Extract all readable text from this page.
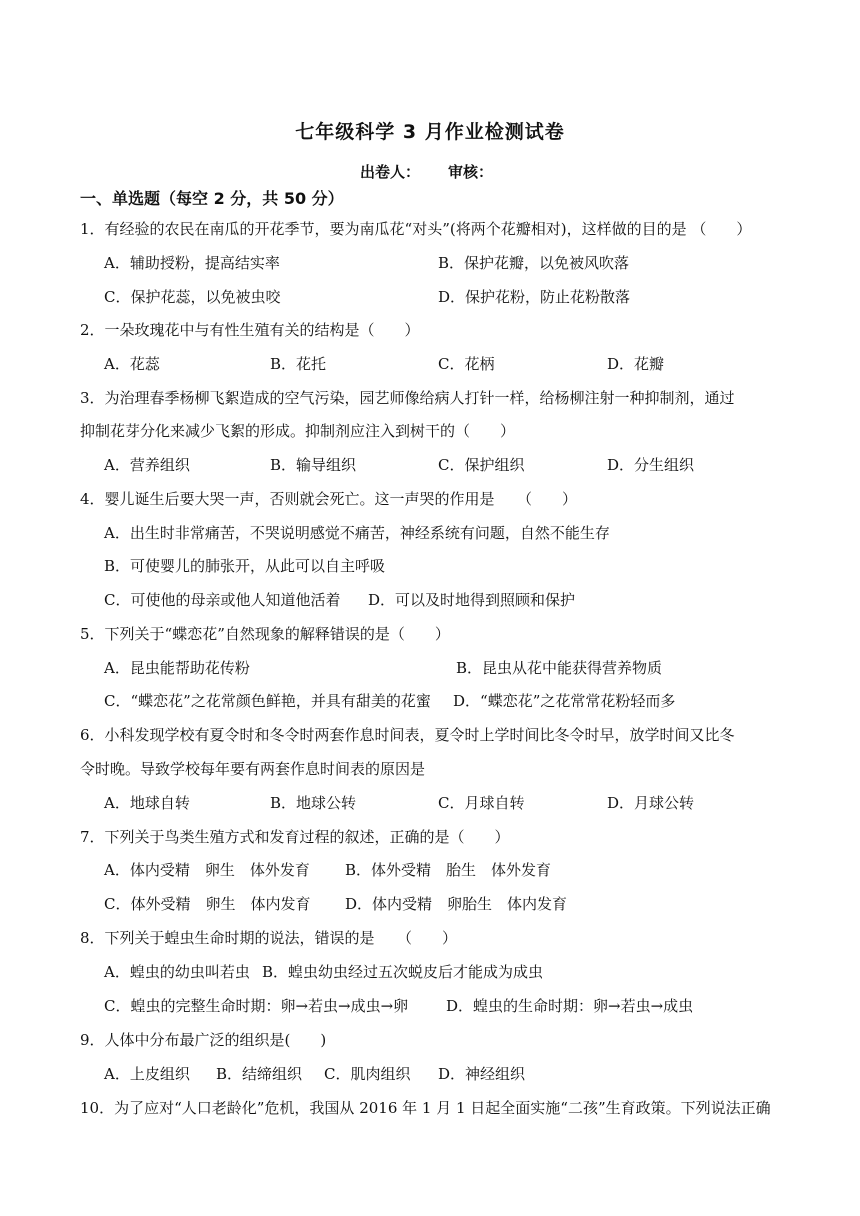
七年级科学 3 月作业检测试卷
出卷人： 审核：
一、单选题（每空 2 分，共 50 分）
1．有经验的农民在南瓜的开花季节，要为南瓜花“对头”(将两个花瓣相对)，这样做的目的是 （　　）
A．辅助授粉，提高结实率	B．保护花瓣，以免被风吹落
C．保护花蕊，以免被虫咬	D．保护花粉，防止花粉散落
2．一朵玫瑰花中与有性生殖有关的结构是（　　）
A．花蕊	B．花托	C．花柄	D．花瓣
3．为治理春季杨柳飞絮造成的空气污染，园艺师像给病人打针一样，给杨柳注射一种抑制剂，通过
抑制花芽分化来减少飞絮的形成。抑制剂应注入到树干的（　　）
A．营养组织	B．输导组织	C．保护组织	D．分生组织
4．婴儿诞生后要大哭一声，否则就会死亡。这一声哭的作用是　　（　　）
A．出生时非常痛苦，不哭说明感觉不痛苦，神经系统有问题，自然不能生存
B．可使婴儿的肺张开，从此可以自主呼吸
C．可使他的母亲或他人知道他活着 D．可以及时地得到照顾和保护
5．下列关于“蝶恋花”自然现象的解释错误的是（　　）
A．昆虫能帮助花传粉	B．昆虫从花中能获得营养物质
C．“蝶恋花”之花常颜色鲜艳，并具有甜美的花蜜 D．“蝶恋花”之花常常花粉轻而多
6．小科发现学校有夏令时和冬令时两套作息时间表，夏令时上学时间比冬令时早，放学时间又比冬
令时晚。导致学校每年要有两套作息时间表的原因是
A．地球自转	B．地球公转	C．月球自转	D．月球公转
7．下列关于鸟类生殖方式和发育过程的叙述，正确的是（　　）
A．体内受精　卵生　体外发育 B．体外受精　胎生　体外发育
C．体外受精　卵生　体内发育 D．体内受精　卵胎生　体内发育
8．下列关于蝗虫生命时期的说法，错误的是　　（　　）
A．蝗虫的幼虫叫若虫 B．蝗虫幼虫经过五次蜕皮后才能成为成虫
C．蝗虫的完整生命时期：卵→若虫→成虫→卵	D．蝗虫的生命时期：卵→若虫→成虫
9．人体中分布最广泛的组织是(　　)
A．上皮组织 B．结缔组织 C．肌肉组织 D．神经组织
10．为了应对“人口老龄化”危机，我国从 2016 年 1 月 1 日起全面实施“二孩”生育政策。下列说法正确
